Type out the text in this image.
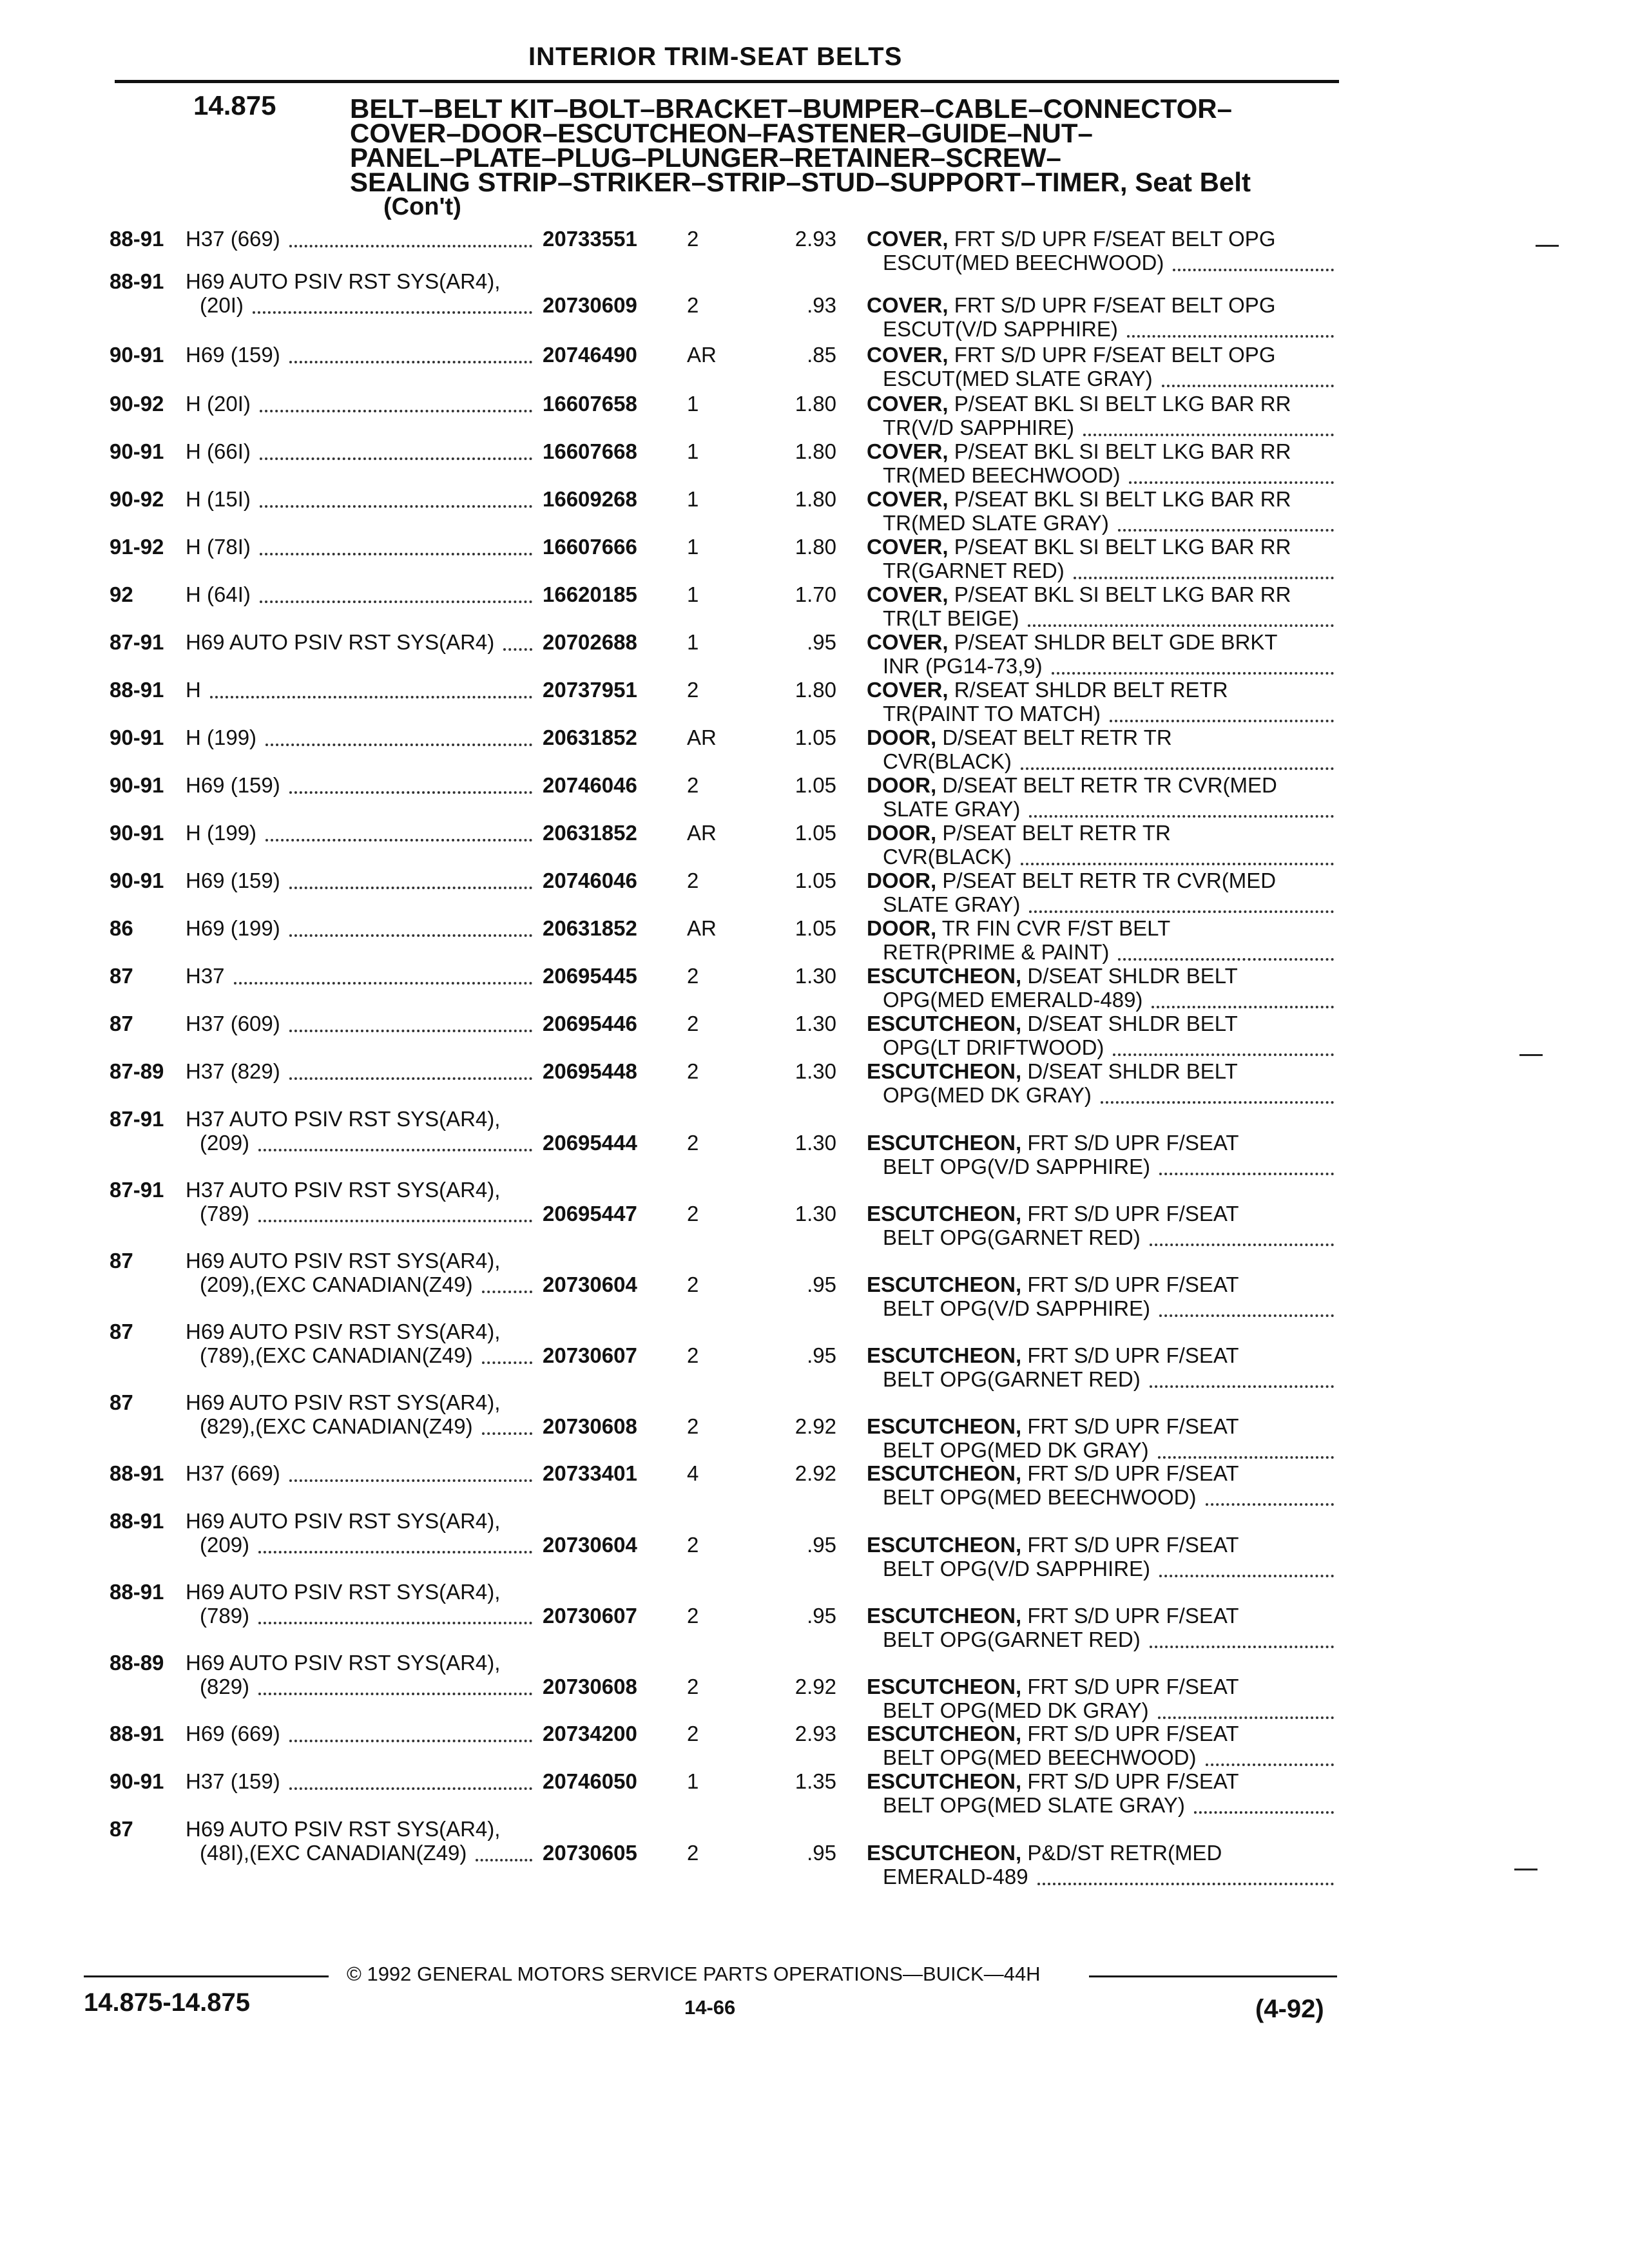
INTERIOR TRIM-SEAT BELTS
14.875	BELT–BELT KIT–BOLT–BRACKET–BUMPER–CABLE–CONNECTOR–
COVER–DOOR–ESCUTCHEON–FASTENER–GUIDE–NUT–
PANEL–PLATE–PLUG–PLUNGER–RETAINER–SCREW–
SEALING STRIP–STRIKER–STRIP–STUD–SUPPORT–TIMER, Seat Belt
(Con't)
88-91 H37 (669)	20733551 2	2.93 COVER, FRT S/D UPR F/SEAT BELT OPG
ESCUT(MED BEECHWOOD)
88-91 H69 AUTO PSIV RST SYS(AR4),
(20I)	20730609 2	.93 COVER, FRT S/D UPR F/SEAT BELT OPG
ESCUT(V/D SAPPHIRE)
90-91 H69 (159)	20746490 AR	.85 COVER, FRT S/D UPR F/SEAT BELT OPG
ESCUT(MED SLATE GRAY)
90-92 H (20I)	16607658 1	1.80 COVER, P/SEAT BKL SI BELT LKG BAR RR
TR(V/D SAPPHIRE)
90-91 H (66I)	16607668 1	1.80 COVER, P/SEAT BKL SI BELT LKG BAR RR
TR(MED BEECHWOOD)
90-92 H (15I)	16609268 1	1.80 COVER, P/SEAT BKL SI BELT LKG BAR RR
TR(MED SLATE GRAY)
91-92 H (78I)	16607666 1	1.80 COVER, P/SEAT BKL SI BELT LKG BAR RR
TR(GARNET RED)
92 H (64I)	16620185 1	1.70 COVER, P/SEAT BKL SI BELT LKG BAR RR
TR(LT BEIGE)
87-91 H69 AUTO PSIV RST SYS(AR4) 20702688 1	.95 COVER, P/SEAT SHLDR BELT GDE BRKT
INR (PG14-73,9)
88-91 H	20737951 2	1.80 COVER, R/SEAT SHLDR BELT RETR
TR(PAINT TO MATCH)
90-91 H (199)	20631852 AR	1.05 DOOR, D/SEAT BELT RETR TR
CVR(BLACK)
90-91 H69 (159)	20746046 2	1.05 DOOR, D/SEAT BELT RETR TR CVR(MED
SLATE GRAY)
90-91 H (199)	20631852 AR	1.05 DOOR, P/SEAT BELT RETR TR
CVR(BLACK)
90-91 H69 (159)	20746046 2	1.05 DOOR, P/SEAT BELT RETR TR CVR(MED
SLATE GRAY)
86 H69 (199)	20631852 AR	1.05 DOOR, TR FIN CVR F/ST BELT
RETR(PRIME & PAINT)
87 H37	20695445 2	1.30 ESCUTCHEON, D/SEAT SHLDR BELT
OPG(MED EMERALD-489)
87 H37 (609)	20695446 2	1.30 ESCUTCHEON, D/SEAT SHLDR BELT
OPG(LT DRIFTWOOD)
87-89 H37 (829)	20695448 2	1.30 ESCUTCHEON, D/SEAT SHLDR BELT
OPG(MED DK GRAY)
87-91 H37 AUTO PSIV RST SYS(AR4),
(209)	20695444 2	1.30 ESCUTCHEON, FRT S/D UPR F/SEAT
BELT OPG(V/D SAPPHIRE)
87-91 H37 AUTO PSIV RST SYS(AR4),
(789)	20695447 2	1.30 ESCUTCHEON, FRT S/D UPR F/SEAT
BELT OPG(GARNET RED)
87 H69 AUTO PSIV RST SYS(AR4),
(209),(EXC CANADIAN(Z49)	20730604 2	.95 ESCUTCHEON, FRT S/D UPR F/SEAT
BELT OPG(V/D SAPPHIRE)
87 H69 AUTO PSIV RST SYS(AR4),
(789),(EXC CANADIAN(Z49)	20730607 2	.95 ESCUTCHEON, FRT S/D UPR F/SEAT
BELT OPG(GARNET RED)
87 H69 AUTO PSIV RST SYS(AR4),
(829),(EXC CANADIAN(Z49)	20730608 2	2.92 ESCUTCHEON, FRT S/D UPR F/SEAT
BELT OPG(MED DK GRAY)
88-91 H37 (669)	20733401 4	2.92 ESCUTCHEON, FRT S/D UPR F/SEAT
BELT OPG(MED BEECHWOOD)
88-91 H69 AUTO PSIV RST SYS(AR4),
(209)	20730604 2	.95 ESCUTCHEON, FRT S/D UPR F/SEAT
BELT OPG(V/D SAPPHIRE)
88-91 H69 AUTO PSIV RST SYS(AR4),
(789)	20730607 2	.95 ESCUTCHEON, FRT S/D UPR F/SEAT
BELT OPG(GARNET RED)
88-89 H69 AUTO PSIV RST SYS(AR4),
(829)	20730608 2	2.92 ESCUTCHEON, FRT S/D UPR F/SEAT
BELT OPG(MED DK GRAY)
88-91 H69 (669)	20734200 2	2.93 ESCUTCHEON, FRT S/D UPR F/SEAT
BELT OPG(MED BEECHWOOD)
90-91 H37 (159)	20746050 1	1.35 ESCUTCHEON, FRT S/D UPR F/SEAT
BELT OPG(MED SLATE GRAY)
87 H69 AUTO PSIV RST SYS(AR4),
(48I),(EXC CANADIAN(Z49)	20730605 2	.95 ESCUTCHEON, P&D/ST RETR(MED
EMERALD-489
© 1992 GENERAL MOTORS SERVICE PARTS OPERATIONS—BUICK—44H
14.875-14.875	14-66	(4-92)
